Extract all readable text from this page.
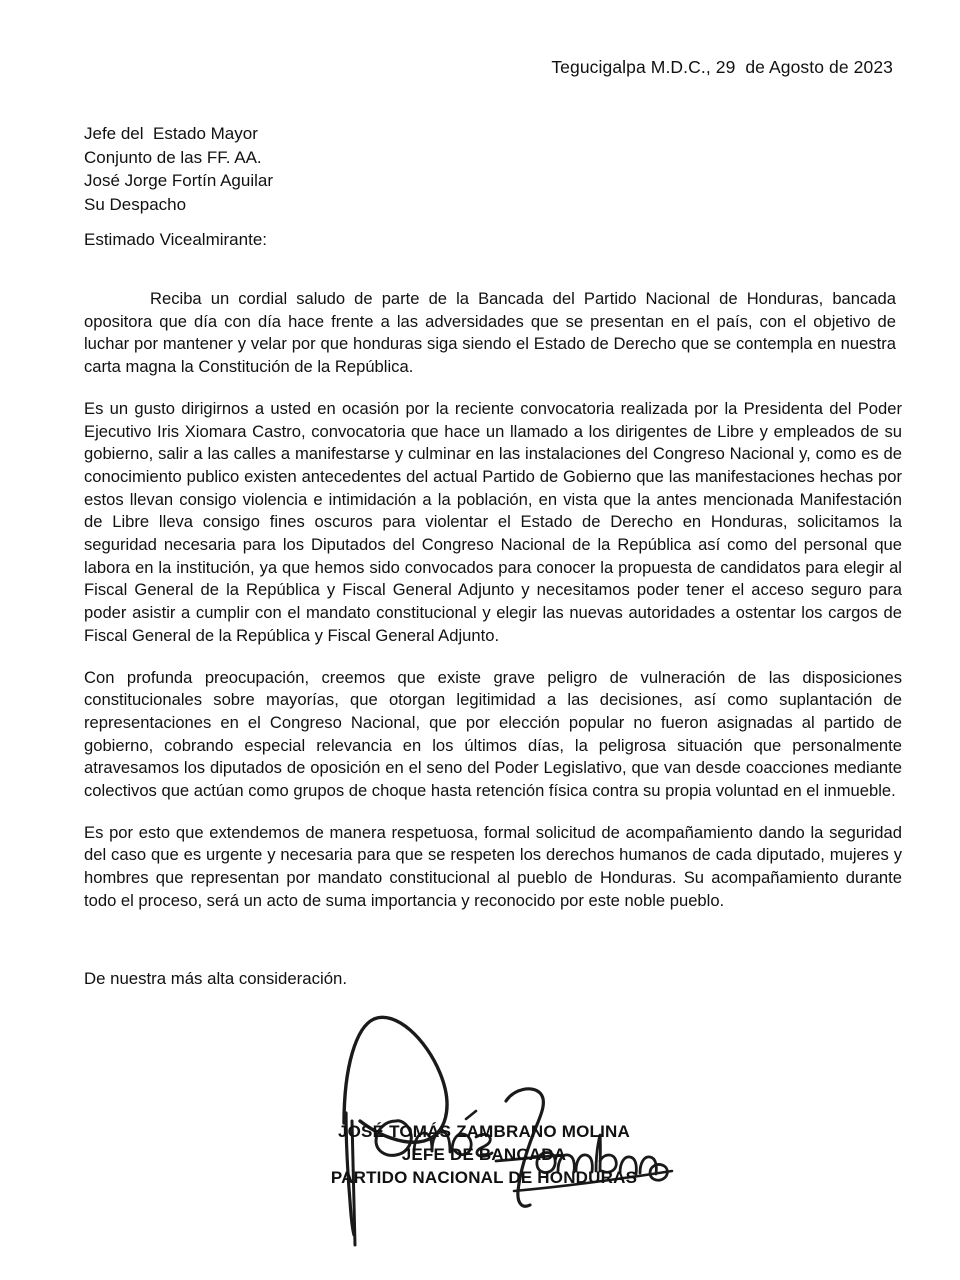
Tegucigalpa M.D.C., 29  de Agosto de 2023
Jefe del  Estado Mayor
Conjunto de las FF. AA.
José Jorge Fortín Aguilar
Su Despacho
Estimado Vicealmirante:

Reciba un cordial saludo de parte de la Bancada del Partido Nacional de Honduras, bancada opositora que día con día hace frente a las adversidades que se presentan en el país, con el objetivo de luchar por mantener y velar por que honduras siga siendo el Estado de Derecho que se contempla en nuestra carta magna la Constitución de la República.

Es un gusto dirigirnos a usted en ocasión por la reciente convocatoria realizada por la Presidenta del Poder Ejecutivo Iris Xiomara Castro, convocatoria que hace un llamado a los dirigentes de Libre y empleados de su gobierno, salir a las calles a manifestarse y culminar en las instalaciones del Congreso Nacional y, como es de conocimiento publico existen antecedentes del actual Partido de Gobierno que las manifestaciones hechas por estos llevan consigo violencia e intimidación a la población, en vista que la antes mencionada Manifestación de Libre lleva consigo fines oscuros para violentar el Estado de Derecho en Honduras, solicitamos la seguridad necesaria para los Diputados del Congreso Nacional de la República así como del personal que labora en la institución, ya que hemos sido convocados para conocer la propuesta de candidatos para elegir al Fiscal General de la República y Fiscal General Adjunto y necesitamos poder tener el acceso seguro para poder asistir a cumplir con el mandato constitucional y elegir las nuevas autoridades a ostentar los cargos de Fiscal General de la República y Fiscal General Adjunto.

Con profunda preocupación, creemos que existe grave peligro de vulneración de las disposiciones constitucionales sobre mayorías, que otorgan legitimidad a las decisiones, así como suplantación de representaciones en el Congreso Nacional, que por elección popular no fueron asignadas al partido de gobierno, cobrando especial relevancia en los últimos días, la peligrosa situación que personalmente atravesamos los diputados de oposición en el seno del Poder Legislativo, que van desde coacciones mediante colectivos que actúan como grupos de choque hasta retención física contra su propia voluntad en el inmueble.

Es por esto que extendemos de manera respetuosa, formal solicitud de acompañamiento dando la seguridad del caso que es urgente y necesaria para que se respeten los derechos humanos de cada diputado, mujeres y hombres que representan por mandato constitucional al pueblo de Honduras. Su acompañamiento durante todo el proceso, será un acto de suma importancia y reconocido por este noble pueblo.

De nuestra más alta consideración.
JOSÉ TOMÁS ZAMBRANO MOLINA
JEFE DE BANCADA
PARTIDO NACIONAL DE HONDURAS
